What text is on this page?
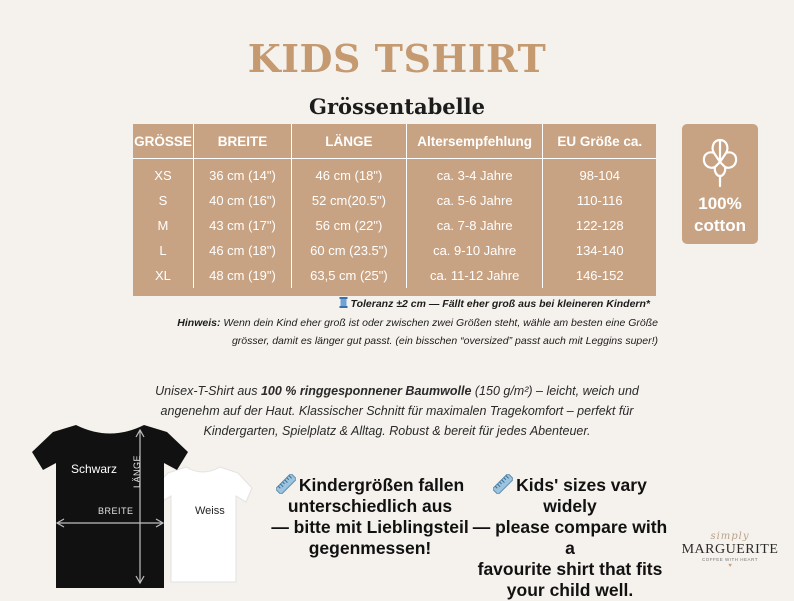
KIDS TSHIRT
Grössentabelle
GRÖSSE	BREITE	LÄNGE	Altersempfehlung	EU Größe ca.
XS	36 cm (14")	46 cm (18")	ca. 3-4 Jahre	98-104
S	40 cm (16")	52 cm(20.5")	ca. 5-6 Jahre	110-116
M	43 cm (17")	56 cm (22")	ca. 7-8 Jahre	122-128
L	46 cm (18")	60 cm (23.5")	ca. 9-10 Jahre	134-140
XL	48 cm (19")	63,5 cm (25")	ca. 11-12 Jahre	146-152
100%
cotton
Toleranz ±2 cm — Fällt eher groß aus bei kleineren Kindern*
Hinweis: Wenn dein Kind eher groß ist oder zwischen zwei Größen steht, wähle am besten eine Größe grösser, damit es länger gut passt. (ein bisschen “oversized” passt auch mit Leggins super!)
Unisex-T-Shirt aus 100 % ringgesponnener Baumwolle (150 g/m²) – leicht, weich und angenehm auf der Haut. Klassischer Schnitt für maximalen Tragekomfort – perfekt für Kindergarten, Spielplatz & Alltag. Robust & bereit für jedes Abenteuer.
Schwarz
Weiss
BREITE
LÄNGE	Kindergrößen fallen
unterschiedlich aus
— bitte mit Lieblingsteil
gegenmessen!
Kids' sizes vary widely
— please compare with a
favourite shirt that fits
your child well.
simply
MARGUERITE
COFFEE WITH HEART
♥
